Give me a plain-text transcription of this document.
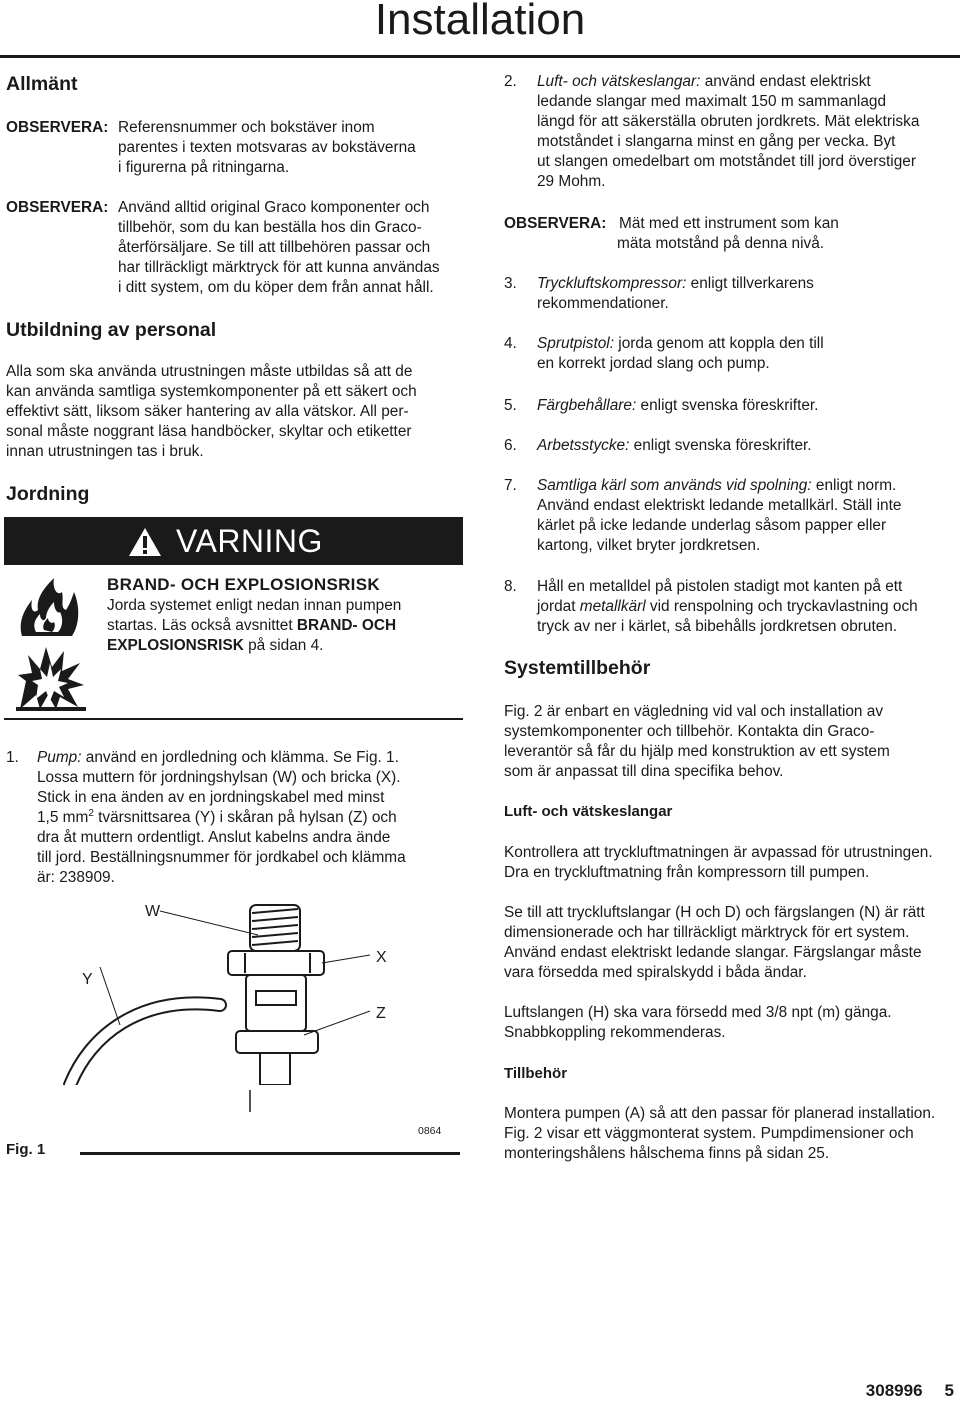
Installation
Allmänt
OBSERVERA: Referensnummer och bokstäver inom
parentes i texten motsvaras av bokstäverna
i figurerna på ritningarna.
OBSERVERA: Använd alltid original Graco komponenter och
tillbehör, som du kan beställa hos din Graco-
återförsäljare. Se till att tillbehören passar och
har tillräckligt märktryck för att kunna användas
i ditt system, om du köper dem från annat håll.
Utbildning av personal
Alla som ska använda utrustningen måste utbildas så att de
kan använda samtliga systemkomponenter på ett säkert och
effektivt sätt, liksom säker hantering av alla vätskor. All per-
sonal måste noggrant läsa handböcker, skyltar och etiketter
innan utrustningen tas i bruk.
Jordning
VARNING
BRAND- OCH EXPLOSIONSRISK
Jorda systemet enligt nedan innan pumpen
startas. Läs också avsnittet BRAND- OCH
EXPLOSIONSRISK på sidan 4.
1. Pump: använd en jordledning och klämma. Se Fig. 1.
Lossa muttern för jordningshylsan (W) och bricka (X).
Stick in ena änden av en jordningskabel med minst
1,5 $mm^2$ tvärsnittsarea (Y) i skåran på hylsan (Z) och
dra åt muttern ordentligt. Anslut kabelns andra ände
till jord. Beställningsnummer för jordkabel och klämma
är: 238909.
W
X
Y
Z
0864
Fig. 1
2. Luft- och vätskeslangar: använd endast elektriskt
ledande slangar med maximalt 150 m sammanlagd
längd för att säkerställa obruten jordkrets. Mät elektriska
motståndet i slangarna minst en gång per vecka. Byt
ut slangen omedelbart om motståndet till jord överstiger
29 Mohm.
OBSERVERA: Mät med ett instrument som kan
mäta motstånd på denna nivå.
3. Tryckluftskompressor: enligt tillverkarens
rekommendationer.
4. Sprutpistol: jorda genom att koppla den till
en korrekt jordad slang och pump.
5. Färgbehållare: enligt svenska föreskrifter.
6. Arbetsstycke: enligt svenska föreskrifter.
7. Samtliga kärl som används vid spolning: enligt norm.
Använd endast elektriskt ledande metallkärl. Ställ inte
kärlet på icke ledande underlag såsom papper eller
kartong, vilket bryter jordkretsen.
8. Håll en metalldel på pistolen stadigt mot kanten på ett
jordat metallkärl vid renspolning och tryckavlastning och
tryck av ner i kärlet, så bibehålls jordkretsen obruten.
Systemtillbehör
Fig. 2 är enbart en vägledning vid val och installation av
systemkomponenter och tillbehör. Kontakta din Graco-
leverantör så får du hjälp med konstruktion av ett system
som är anpassat till dina specifika behov.
Luft- och vätskeslangar
Kontrollera att tryckluftmatningen är avpassad för utrustningen.
Dra en tryckluftmatning från kompressorn till pumpen.
Se till att tryckluftslangar (H och D) och färgslangen (N) är rätt
dimensionerade och har tillräckligt märktryck för ert system.
Använd endast elektriskt ledande slangar. Färgslangar måste
vara försedda med spiralskydd i båda ändar.
Luftslangen (H) ska vara försedd med 3/8 npt (m) gänga.
Snabbkoppling rekommenderas.
Tillbehör
Montera pumpen (A) så att den passar för planerad installation.
Fig. 2 visar ett väggmonterat system. Pumpdimensioner och
monteringshålens hålschema finns på sidan 25.
308996 5
